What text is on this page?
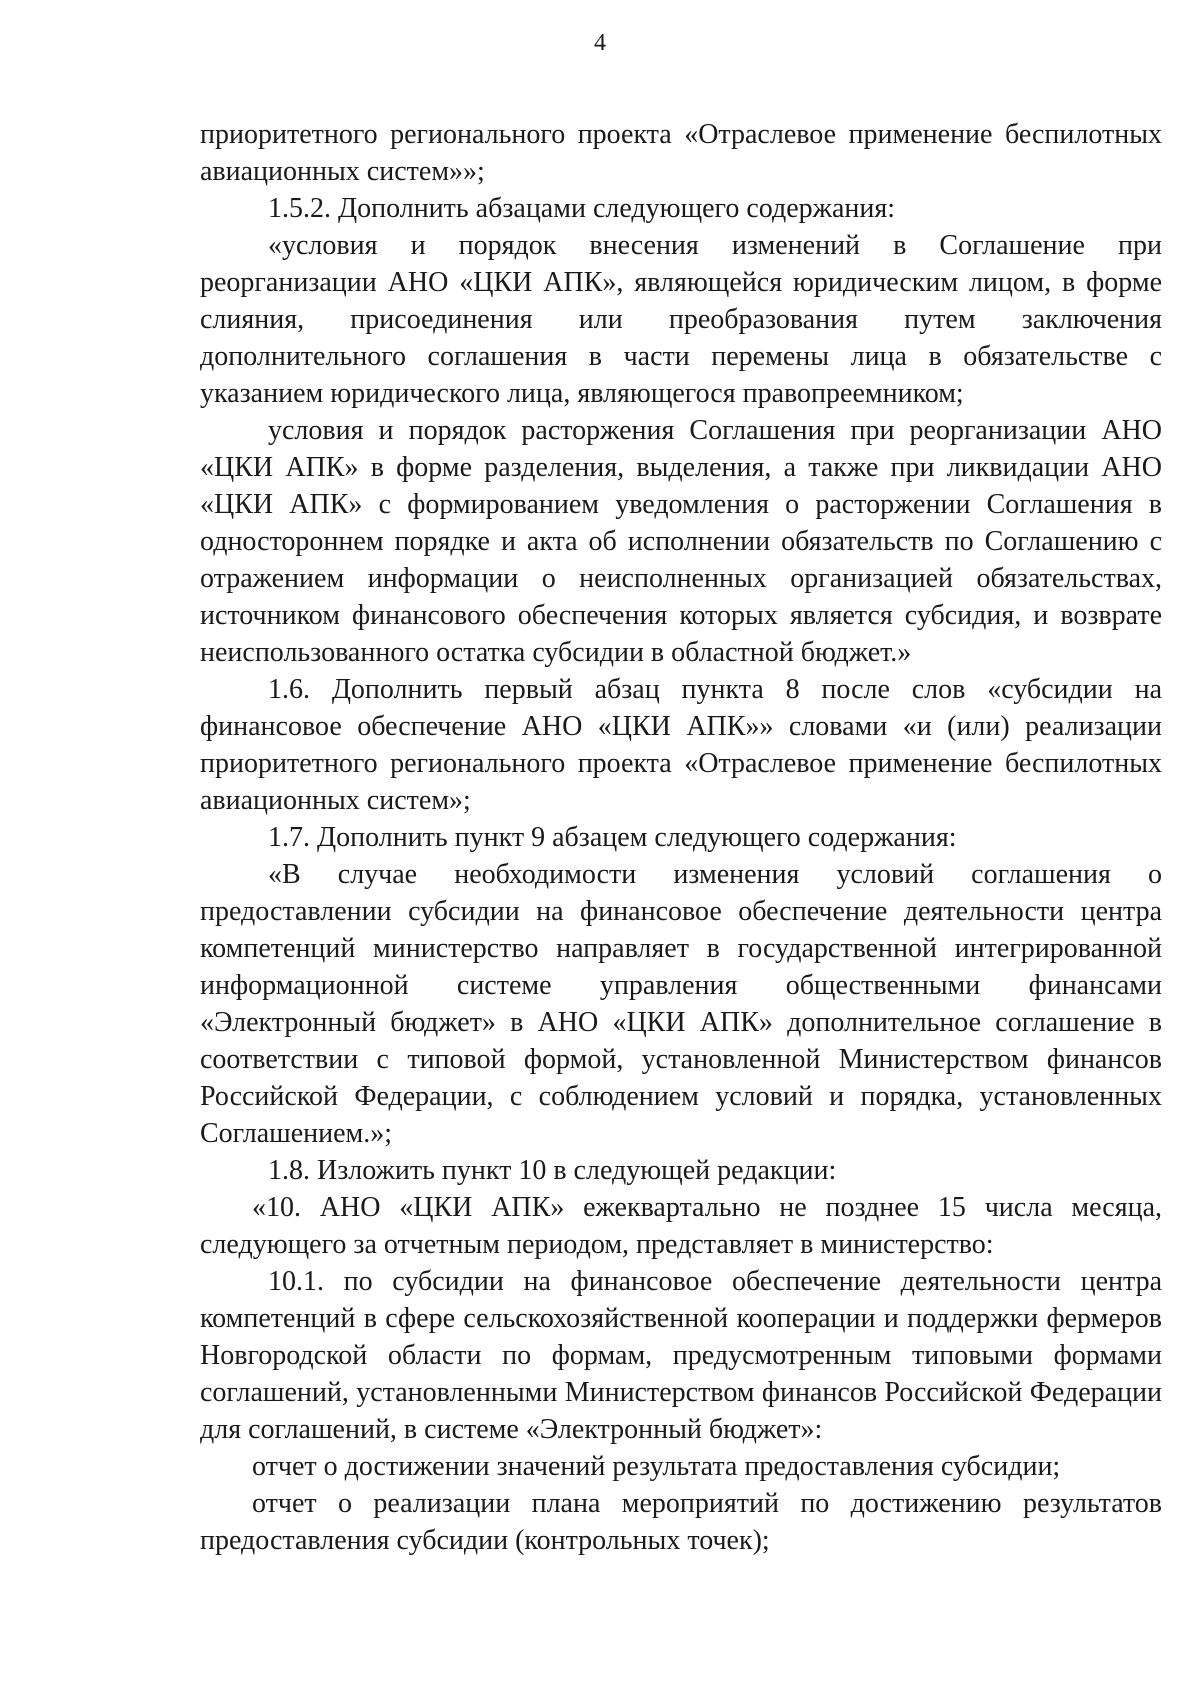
4

приоритетного регионального проекта «Отраслевое применение беспилотных авиационных систем»»;

1.5.2. Дополнить абзацами следующего содержания:

«условия и порядок внесения изменений в Соглашение при реорганизации АНО «ЦКИ АПК», являющейся юридическим лицом, в форме слияния, присоединения или преобразования путем заключения дополнительного соглашения в части перемены лица в обязательстве с указанием юридического лица, являющегося правопреемником;

условия и порядок расторжения Соглашения при реорганизации АНО «ЦКИ АПК» в форме разделения, выделения, а также при ликвидации АНО «ЦКИ АПК» с формированием уведомления о расторжении Соглашения в одностороннем порядке и акта об исполнении обязательств по Соглашению с отражением информации о неисполненных организацией обязательствах, источником финансового обеспечения которых является субсидия, и возврате неиспользованного остатка субсидии в областной бюджет.»

1.6. Дополнить первый абзац пункта 8 после слов «субсидии на финансовое обеспечение АНО «ЦКИ АПК»» словами «и (или) реализации приоритетного регионального проекта «Отраслевое применение беспилотных авиационных систем»;

1.7. Дополнить пункт 9 абзацем следующего содержания:

«В случае необходимости изменения условий соглашения о предоставлении субсидии на финансовое обеспечение деятельности центра компетенций министерство направляет в государственной интегрированной информационной системе управления общественными финансами «Электронный бюджет» в АНО «ЦКИ АПК» дополнительное соглашение в соответствии с типовой формой, установленной Министерством финансов Российской Федерации, с соблюдением условий и порядка, установленных Соглашением.»;

1.8. Изложить пункт 10 в следующей редакции:

«10. АНО «ЦКИ АПК» ежеквартально не позднее 15 числа месяца, следующего за отчетным периодом, представляет в министерство:

10.1. по субсидии на финансовое обеспечение деятельности центра компетенций в сфере сельскохозяйственной кооперации и поддержки фермеров Новгородской области по формам, предусмотренным типовыми формами соглашений, установленными Министерством финансов Российской Федерации для соглашений, в системе «Электронный бюджет»:

отчет о достижении значений результата предоставления субсидии;

отчет о реализации плана мероприятий по достижению результатов предоставления субсидии (контрольных точек);
